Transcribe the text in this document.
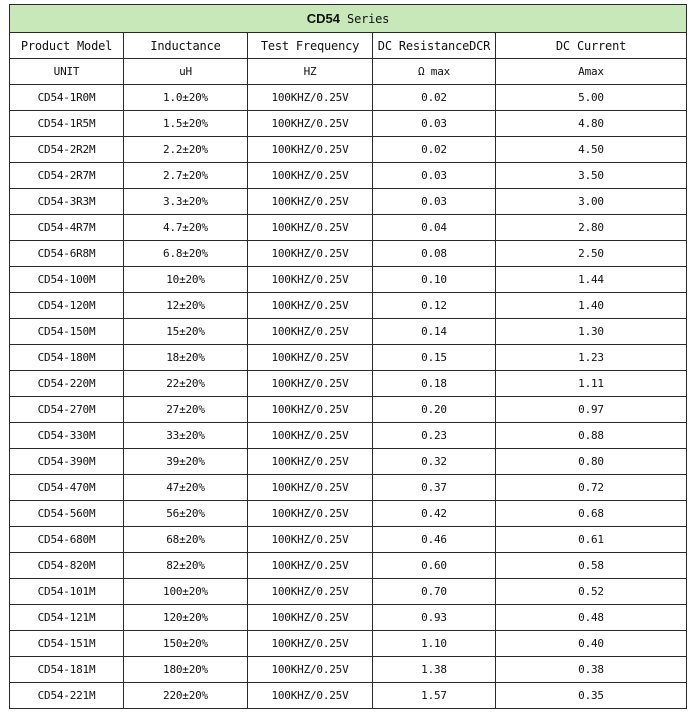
CD54 Series				
Product Model	Inductance	Test Frequency	DC ResistanceDCR	DC Current
UNIT	uH	HZ	Ω max	Amax
CD54-1R0M	1.0±20%	100KHZ/0.25V	0.02	5.00
CD54-1R5M	1.5±20%	100KHZ/0.25V	0.03	4.80
CD54-2R2M	2.2±20%	100KHZ/0.25V	0.02	4.50
CD54-2R7M	2.7±20%	100KHZ/0.25V	0.03	3.50
CD54-3R3M	3.3±20%	100KHZ/0.25V	0.03	3.00
CD54-4R7M	4.7±20%	100KHZ/0.25V	0.04	2.80
CD54-6R8M	6.8±20%	100KHZ/0.25V	0.08	2.50
CD54-100M	10±20%	100KHZ/0.25V	0.10	1.44
CD54-120M	12±20%	100KHZ/0.25V	0.12	1.40
CD54-150M	15±20%	100KHZ/0.25V	0.14	1.30
CD54-180M	18±20%	100KHZ/0.25V	0.15	1.23
CD54-220M	22±20%	100KHZ/0.25V	0.18	1.11
CD54-270M	27±20%	100KHZ/0.25V	0.20	0.97
CD54-330M	33±20%	100KHZ/0.25V	0.23	0.88
CD54-390M	39±20%	100KHZ/0.25V	0.32	0.80
CD54-470M	47±20%	100KHZ/0.25V	0.37	0.72
CD54-560M	56±20%	100KHZ/0.25V	0.42	0.68
CD54-680M	68±20%	100KHZ/0.25V	0.46	0.61
CD54-820M	82±20%	100KHZ/0.25V	0.60	0.58
CD54-101M	100±20%	100KHZ/0.25V	0.70	0.52
CD54-121M	120±20%	100KHZ/0.25V	0.93	0.48
CD54-151M	150±20%	100KHZ/0.25V	1.10	0.40
CD54-181M	180±20%	100KHZ/0.25V	1.38	0.38
CD54-221M	220±20%	100KHZ/0.25V	1.57	0.35
